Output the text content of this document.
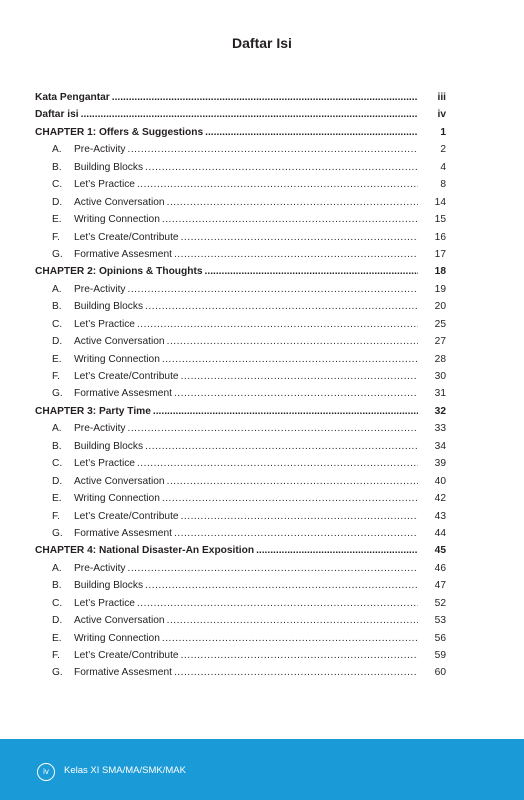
Daftar Isi
Kata Pengantar .....	iii
Daftar isi .....	iv
CHAPTER 1: Offers & Suggestions .....	1
A.	Pre-Activity .....	2
B.	Building Blocks .....	4
C.	Let’s Practice .....	8
D.	Active Conversation .....	14
E.	Writing Connection .....	15
F.	Let’s Create/Contribute .....	16
G.	Formative Assesment .....	17
CHAPTER 2: Opinions & Thoughts .....	18
A.	Pre-Activity .....	19
B.	Building Blocks .....	20
C.	Let’s Practice .....	25
D.	Active Conversation .....	27
E.	Writing Connection .....	28
F.	Let’s Create/Contribute .....	30
G.	Formative Assesment .....	31
CHAPTER 3: Party Time .....	32
A.	Pre-Activity .....	33
B.	Building Blocks .....	34
C.	Let’s Practice .....	39
D.	Active Conversation .....	40
E.	Writing Connection .....	42
F.	Let’s Create/Contribute .....	43
G.	Formative Assesment .....	44
CHAPTER 4: National Disaster-An Exposition .....	45
A.	Pre-Activity .....	46
B.	Building Blocks .....	47
C.	Let’s Practice .....	52
D.	Active Conversation .....	53
E.	Writing Connection .....	56
F.	Let’s Create/Contribute .....	59
G.	Formative Assesment .....	60
iv	Kelas XI SMA/MA/SMK/MAK
